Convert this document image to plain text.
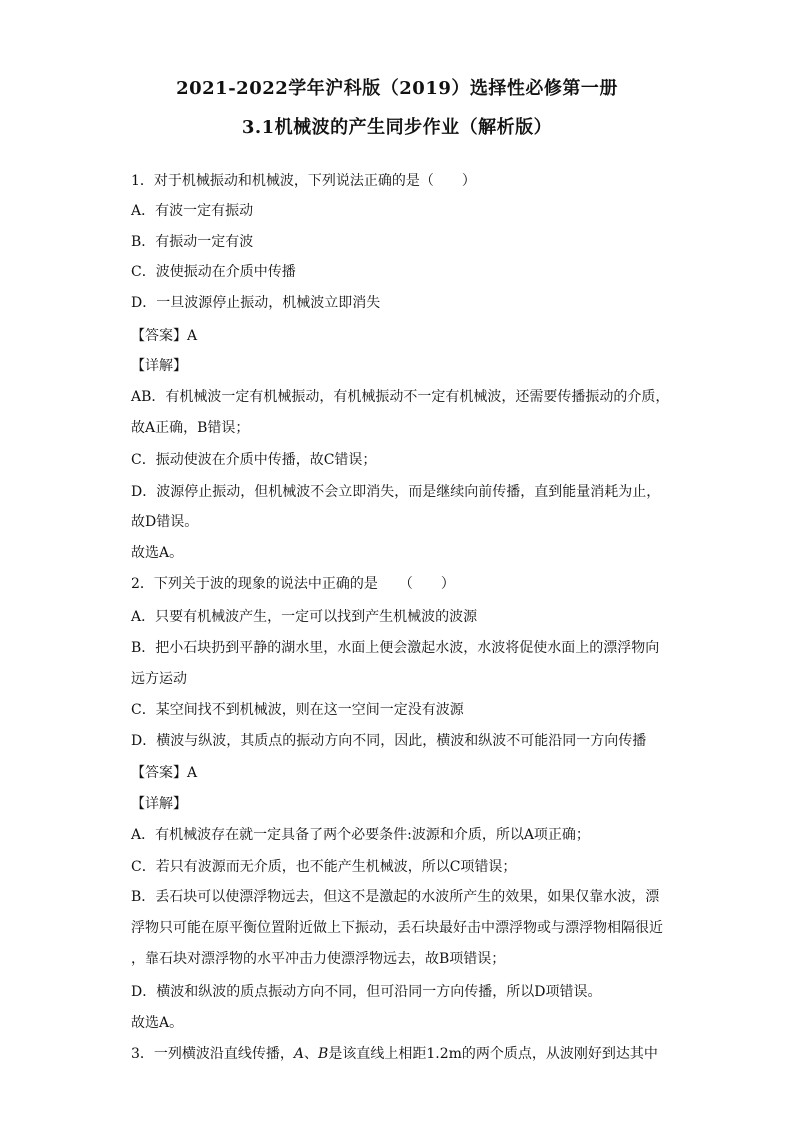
2021-2022学年沪科版（2019）选择性必修第一册
3.1机械波的产生同步作业（解析版）
1．对于机械振动和机械波，下列说法正确的是（　　）
A．有波一定有振动
B．有振动一定有波
C．波使振动在介质中传播
D．一旦波源停止振动，机械波立即消失
【答案】A
【详解】
AB．有机械波一定有机械振动，有机械振动不一定有机械波，还需要传播振动的介质，
故A正确，B错误；
C．振动使波在介质中传播，故C错误；
D．波源停止振动，但机械波不会立即消失，而是继续向前传播，直到能量消耗为止，
故D错误。
故选A。
2．下列关于波的现象的说法中正确的是　　（　　）
A．只要有机械波产生，一定可以找到产生机械波的波源
B．把小石块扔到平静的湖水里，水面上便会激起水波，水波将促使水面上的漂浮物向
远方运动
C．某空间找不到机械波，则在这一空间一定没有波源
D．横波与纵波，其质点的振动方向不同，因此，横波和纵波不可能沿同一方向传播
【答案】A
【详解】
A．有机械波存在就一定具备了两个必要条件:波源和介质，所以A项正确；
C．若只有波源而无介质，也不能产生机械波，所以C项错误；
B．丢石块可以使漂浮物远去，但这不是激起的水波所产生的效果，如果仅靠水波，漂
浮物只可能在原平衡位置附近做上下振动，丢石块最好击中漂浮物或与漂浮物相隔很近
，靠石块对漂浮物的水平冲击力使漂浮物远去，故B项错误；
D．横波和纵波的质点振动方向不同，但可沿同一方向传播，所以D项错误。
故选A。
3．一列横波沿直线传播，A、B是该直线上相距1.2m的两个质点，从波刚好到达其中
